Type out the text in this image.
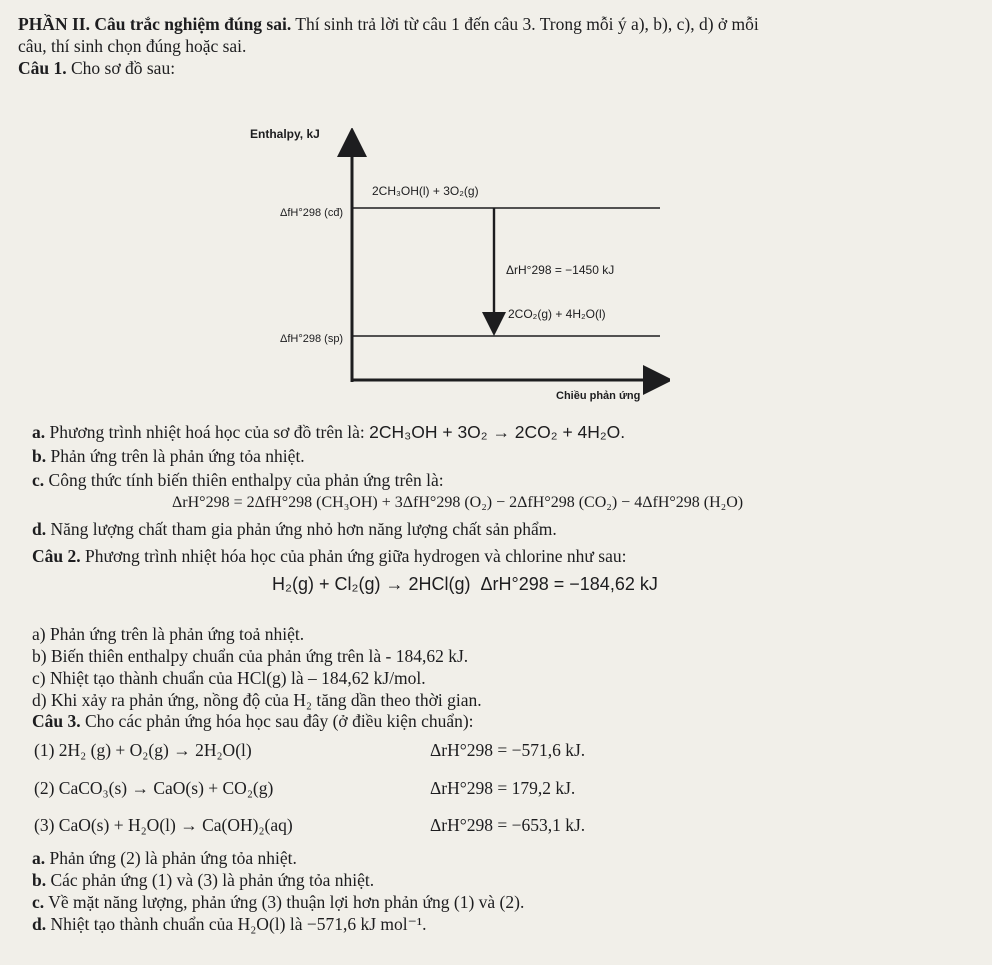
PHẦN II. Câu trắc nghiệm đúng sai. Thí sinh trả lời từ câu 1 đến câu 3. Trong mỗi ý a), b), c), d) ở mỗi
câu, thí sinh chọn đúng hoặc sai.
Câu 1. Cho sơ đồ sau:
Enthalpy, kJ
Chiều phản ứng
2CH₃OH(l) + 3O₂(g)
ΔfH°298 (cđ)
2CO₂(g) + 4H₂O(l)
ΔfH°298 (sp)
ΔrH°298 = −1450 kJ
a. Phương trình nhiệt hoá học của sơ đồ trên là: 2CH₃OH + 3O₂ → 2CO₂ + 4H₂O.
b. Phản ứng trên là phản ứng tỏa nhiệt.
c. Công thức tính biến thiên enthalpy của phản ứng trên là:
ΔrH°298 = 2ΔfH°298 (CH₃OH) + 3ΔfH°298 (O₂) − 2ΔfH°298 (CO₂) − 4ΔfH°298 (H₂O)
d. Năng lượng chất tham gia phản ứng nhỏ hơn năng lượng chất sản phẩm.
Câu 2. Phương trình nhiệt hóa học của phản ứng giữa hydrogen và chlorine như sau:
H₂(g) + Cl₂(g) → 2HCl(g) ΔrH°298 = −184,62 kJ
a) Phản ứng trên là phản ứng toả nhiệt.
b) Biến thiên enthalpy chuẩn của phản ứng trên là - 184,62 kJ.
c) Nhiệt tạo thành chuẩn của HCl(g) là – 184,62 kJ/mol.
d) Khi xảy ra phản ứng, nồng độ của H₂ tăng dần theo thời gian.
Câu 3. Cho các phản ứng hóa học sau đây (ở điều kiện chuẩn):
(1) 2H₂ (g) + O₂(g) → 2H₂O(l)	ΔrH°298 = −571,6 kJ.
(2) CaCO₃(s) → CaO(s) + CO₂(g)	ΔrH°298 = 179,2 kJ.
(3) CaO(s) + H₂O(l) → Ca(OH)₂(aq)	ΔrH°298 = −653,1 kJ.
a. Phản ứng (2) là phản ứng tỏa nhiệt.
b. Các phản ứng (1) và (3) là phản ứng tỏa nhiệt.
c. Về mặt năng lượng, phản ứng (3) thuận lợi hơn phản ứng (1) và (2).
d. Nhiệt tạo thành chuẩn của H₂O(l) là −571,6 kJ mol⁻¹.
